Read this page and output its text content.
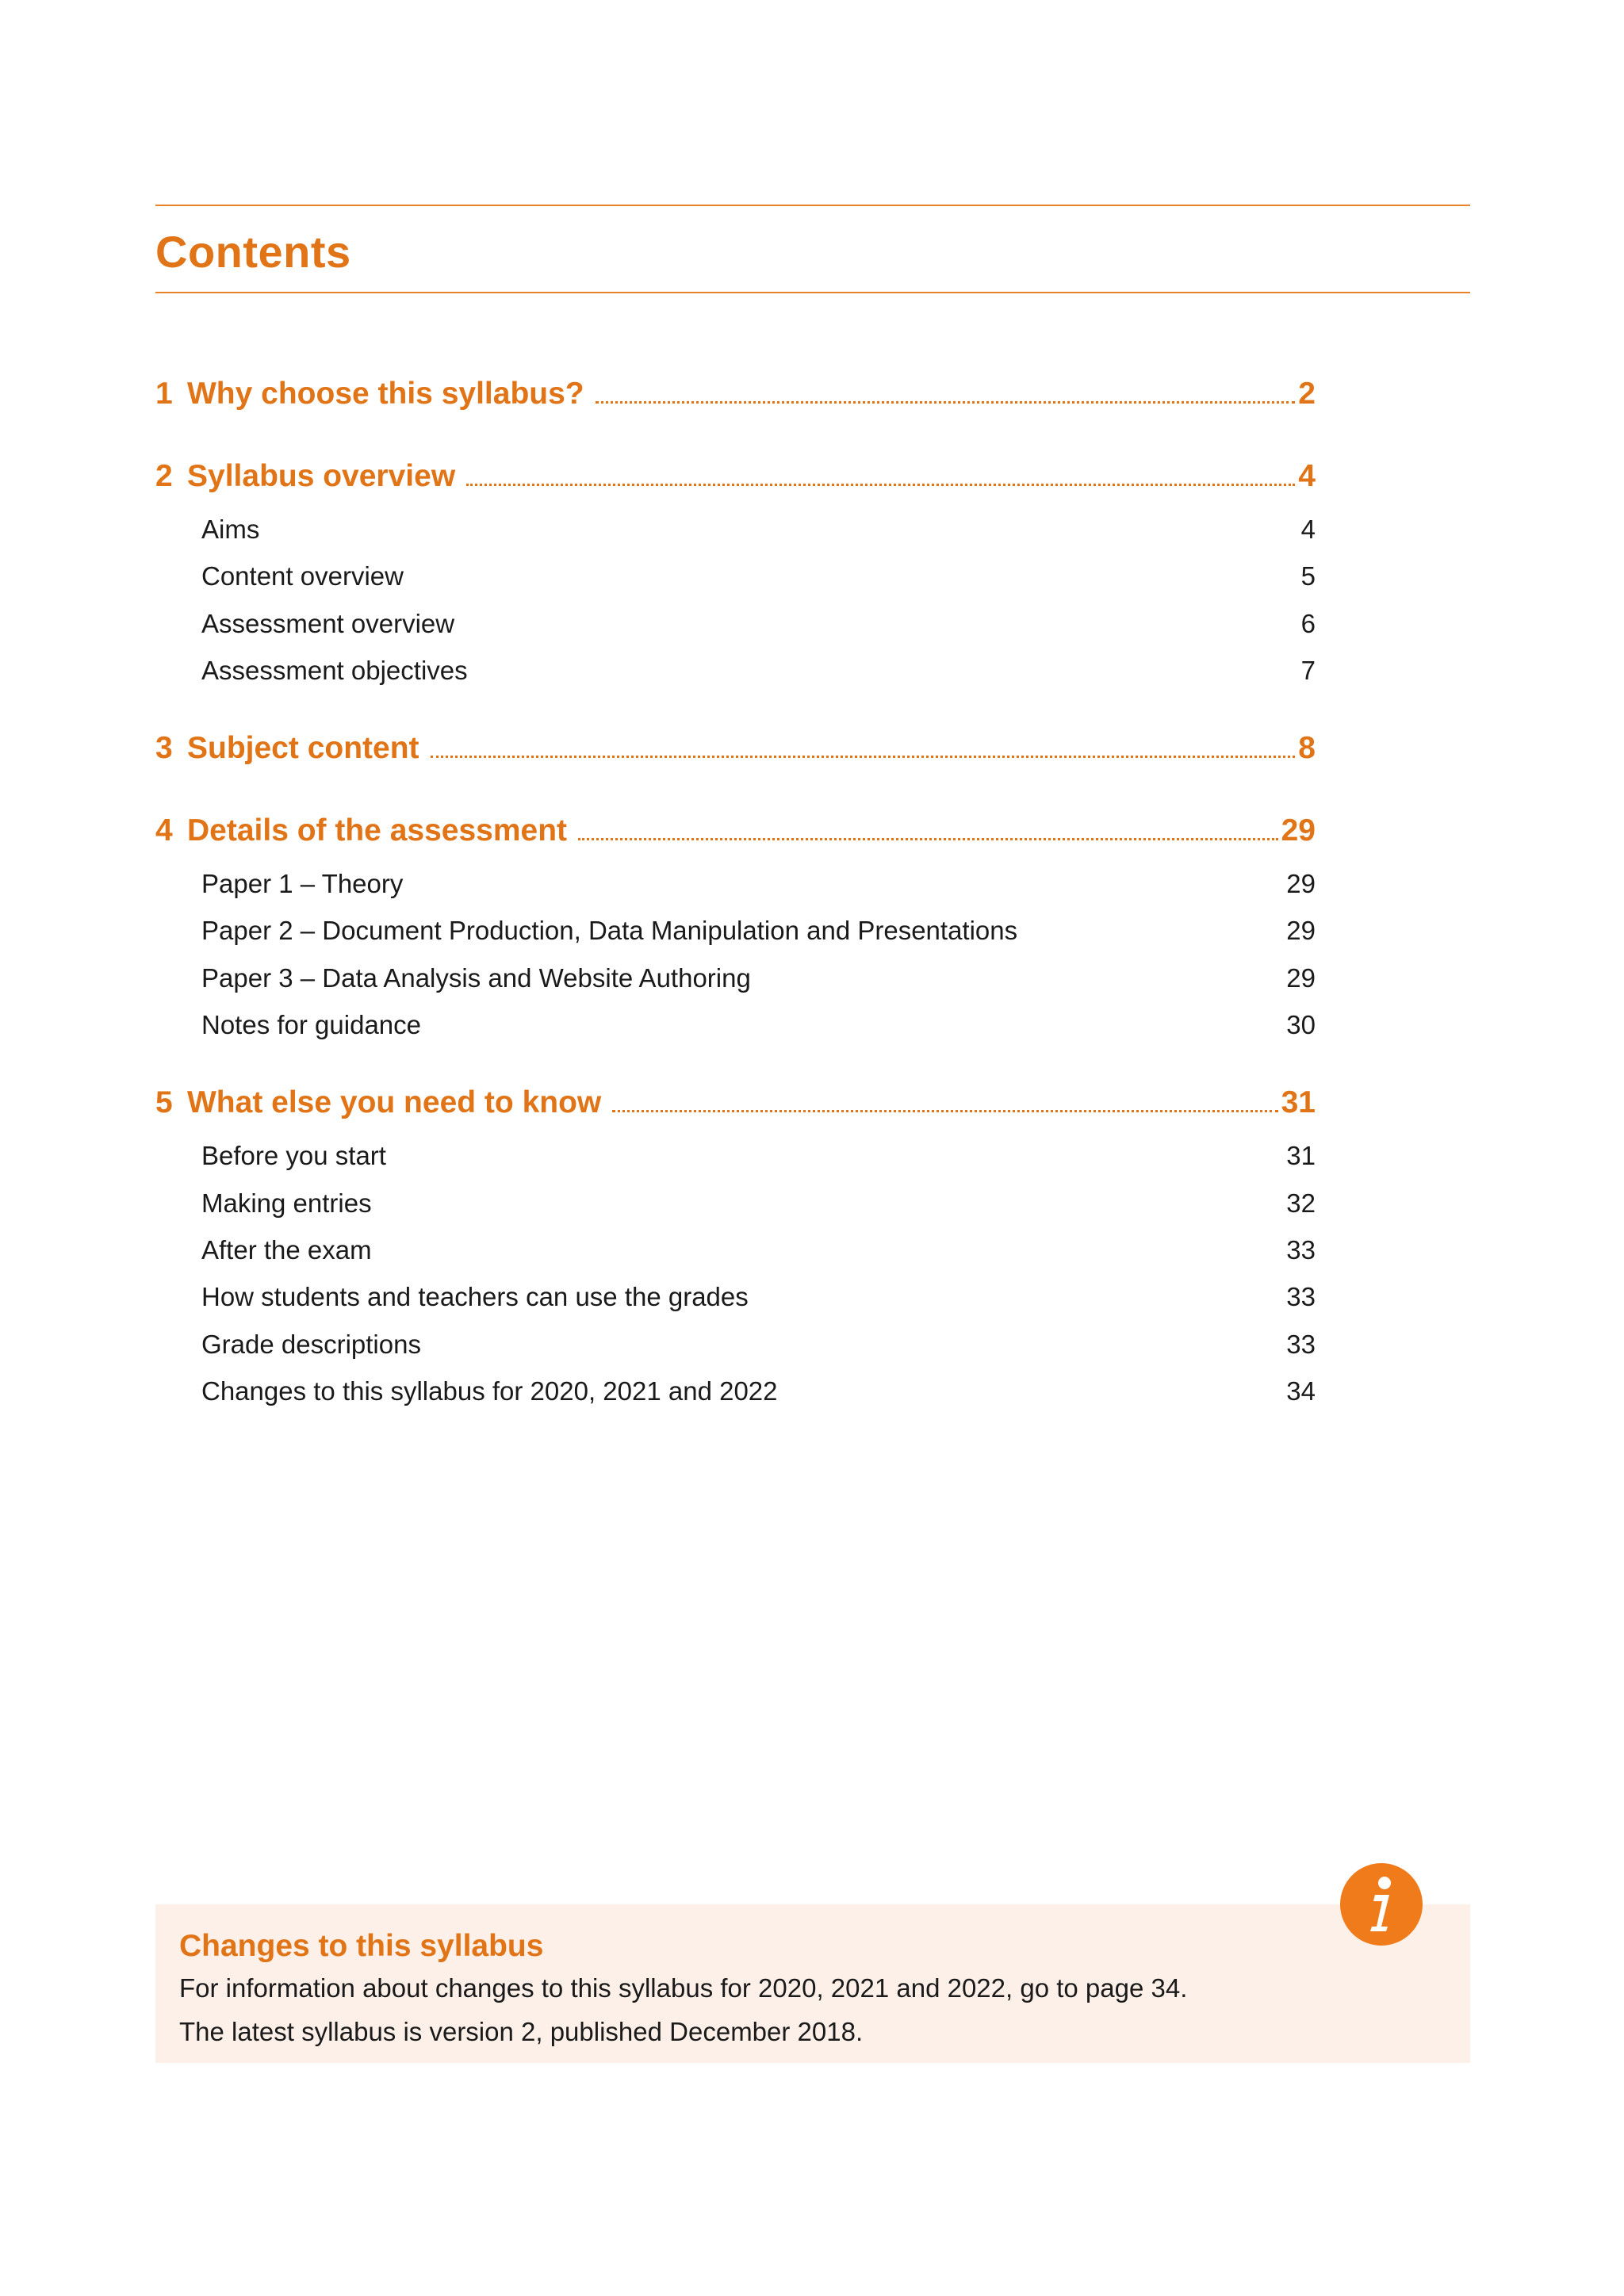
Contents
1 Why choose this syllabus?	2
2 Syllabus overview	4
Aims	4
Content overview	5
Assessment overview	6
Assessment objectives	7
3 Subject content	8
4 Details of the assessment	29
Paper 1 – Theory	29
Paper 2 – Document Production, Data Manipulation and Presentations	29
Paper 3 – Data Analysis and Website Authoring	29
Notes for guidance	30
5 What else you need to know	31
Before you start	31
Making entries	32
After the exam	33
How students and teachers can use the grades	33
Grade descriptions	33
Changes to this syllabus for 2020, 2021 and 2022	34
Changes to this syllabus
For information about changes to this syllabus for 2020, 2021 and 2022, go to page 34.
The latest syllabus is version 2, published December 2018.
